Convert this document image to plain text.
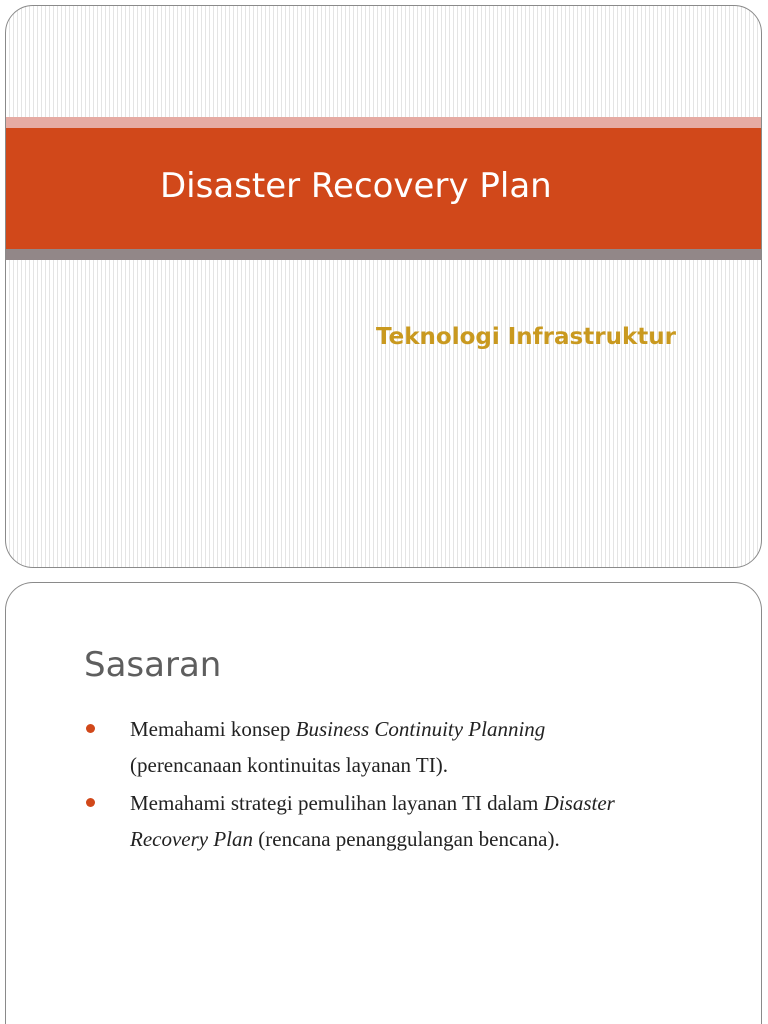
Disaster Recovery Plan
Teknologi Infrastruktur
Sasaran
Memahami konsep Business Continuity Planning
(perencanaan kontinuitas layanan TI).
Memahami strategi pemulihan layanan TI dalam Disaster
Recovery Plan (rencana penanggulangan bencana).
